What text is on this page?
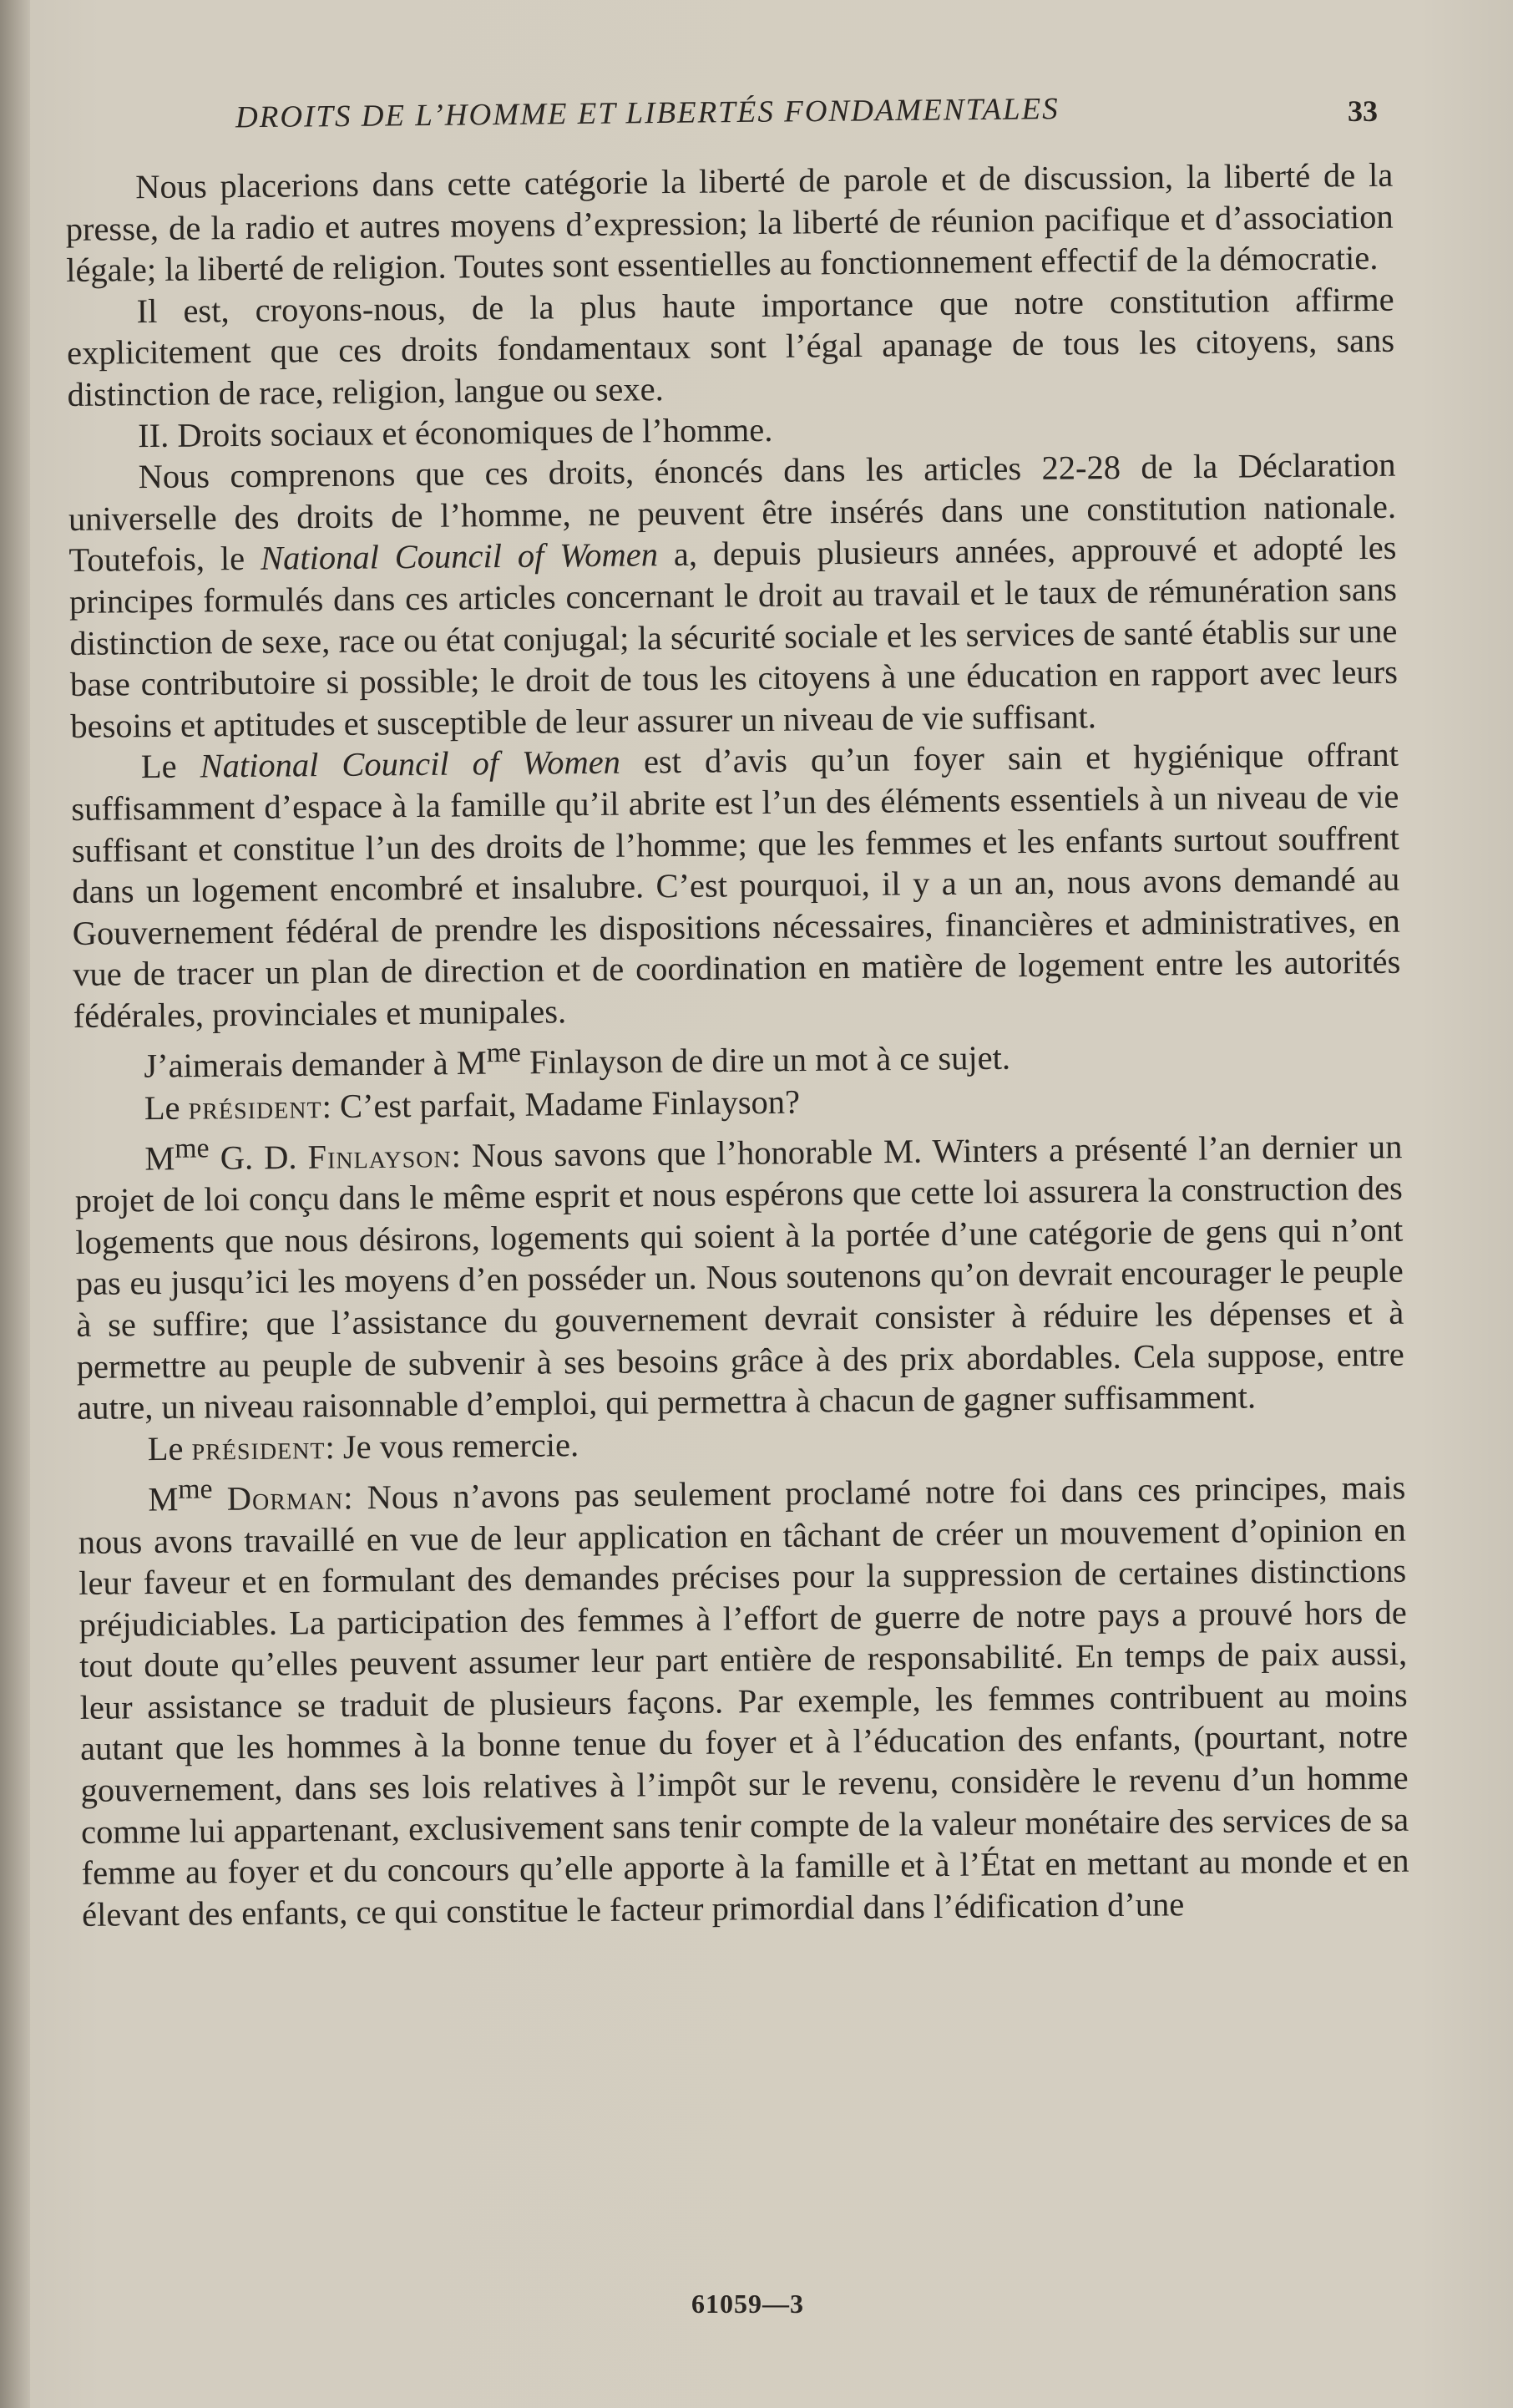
DROITS DE L’HOMME ET LIBERTÉS FONDAMENTALES	33

Nous placerions dans cette catégorie la liberté de parole et de discussion, la liberté de la presse, de la radio et autres moyens d’expression; la liberté de réunion pacifique et d’association légale; la liberté de religion. Toutes sont essentielles au fonctionnement effectif de la démocratie.

Il est, croyons-nous, de la plus haute importance que notre constitution affirme explicitement que ces droits fondamentaux sont l’égal apanage de tous les citoyens, sans distinction de race, religion, langue ou sexe.

II. Droits sociaux et économiques de l’homme.

Nous comprenons que ces droits, énoncés dans les articles 22-28 de la Déclaration universelle des droits de l’homme, ne peuvent être insérés dans une constitution nationale. Toutefois, le National Council of Women a, depuis plusieurs années, approuvé et adopté les principes formulés dans ces articles concernant le droit au travail et le taux de rémunération sans distinction de sexe, race ou état conjugal; la sécurité sociale et les services de santé établis sur une base contributoire si possible; le droit de tous les citoyens à une éducation en rapport avec leurs besoins et aptitudes et susceptible de leur assurer un niveau de vie suffisant.

Le National Council of Women est d’avis qu’un foyer sain et hygiénique offrant suffisamment d’espace à la famille qu’il abrite est l’un des éléments essentiels à un niveau de vie suffisant et constitue l’un des droits de l’homme; que les femmes et les enfants surtout souffrent dans un logement encombré et insalubre. C’est pourquoi, il y a un an, nous avons demandé au Gouvernement fédéral de prendre les dispositions nécessaires, financières et administratives, en vue de tracer un plan de direction et de coordination en matière de logement entre les autorités fédérales, provinciales et munipales.

J’aimerais demander à $M^{me}$ Finlayson de dire un mot à ce sujet.

Le président: C’est parfait, Madame Finlayson?

$M^{me}$ G. D. Finlayson: Nous savons que l’honorable M. Winters a présenté l’an dernier un projet de loi conçu dans le même esprit et nous espérons que cette loi assurera la construction des logements que nous désirons, logements qui soient à la portée d’une catégorie de gens qui n’ont pas eu jusqu’ici les moyens d’en posséder un. Nous soutenons qu’on devrait encourager le peuple à se suffire; que l’assistance du gouvernement devrait consister à réduire les dépenses et à permettre au peuple de subvenir à ses besoins grâce à des prix abordables. Cela suppose, entre autre, un niveau raisonnable d’emploi, qui permettra à chacun de gagner suffisamment.

Le président: Je vous remercie.

$M^{me}$ Dorman: Nous n’avons pas seulement proclamé notre foi dans ces principes, mais nous avons travaillé en vue de leur application en tâchant de créer un mouvement d’opinion en leur faveur et en formulant des demandes précises pour la suppression de certaines distinctions préjudiciables. La participation des femmes à l’effort de guerre de notre pays a prouvé hors de tout doute qu’elles peuvent assumer leur part entière de responsabilité. En temps de paix aussi, leur assistance se traduit de plusieurs façons. Par exemple, les femmes contribuent au moins autant que les hommes à la bonne tenue du foyer et à l’éducation des enfants, (pourtant, notre gouvernement, dans ses lois relatives à l’impôt sur le revenu, considère le revenu d’un homme comme lui appartenant, exclusivement sans tenir compte de la valeur monétaire des services de sa femme au foyer et du concours qu’elle apporte à la famille et à l’État en mettant au monde et en élevant des enfants, ce qui constitue le facteur primordial dans l’édification d’une

61059—3
